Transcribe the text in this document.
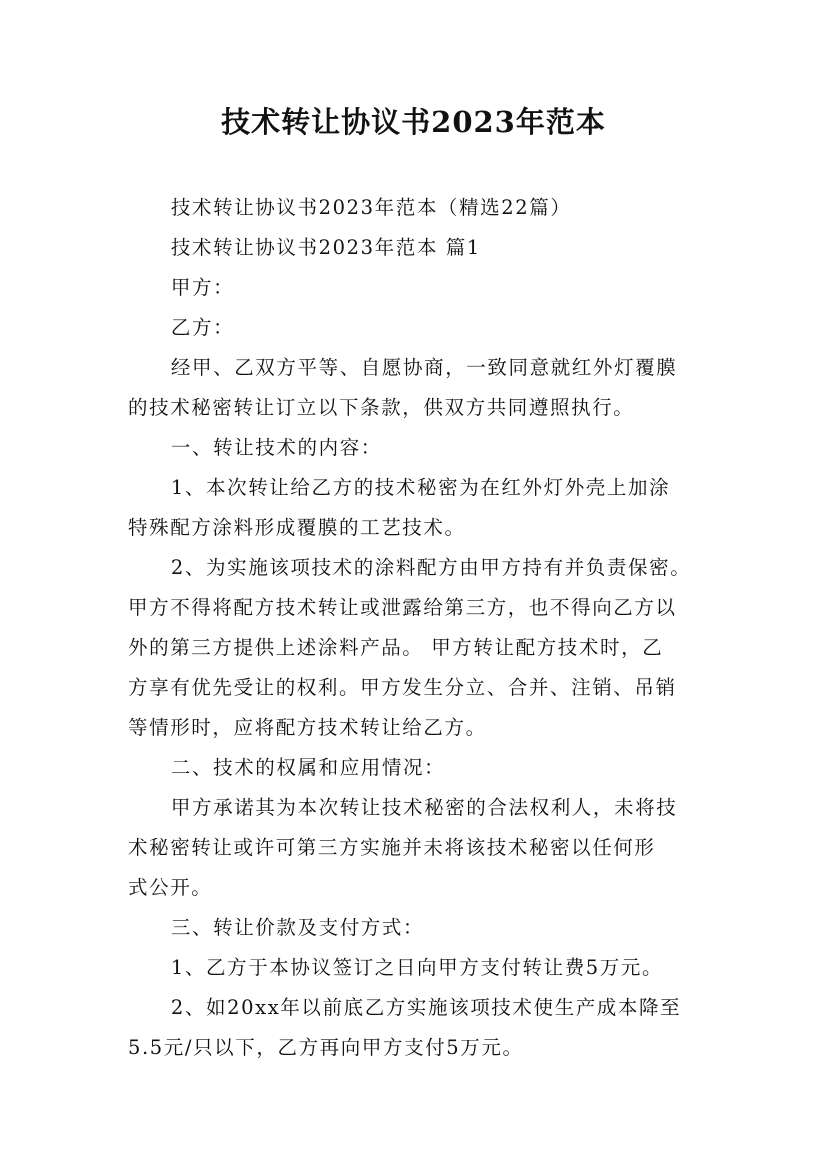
技术转让协议书2023年范本
技术转让协议书2023年范本（精选22篇）
技术转让协议书2023年范本 篇1
甲方：
乙方：
经甲、乙双方平等、自愿协商，一致同意就红外灯覆膜
的技术秘密转让订立以下条款，供双方共同遵照执行。
一、转让技术的内容：
1、本次转让给乙方的技术秘密为在红外灯外壳上加涂
特殊配方涂料形成覆膜的工艺技术。
2、为实施该项技术的涂料配方由甲方持有并负责保密。
甲方不得将配方技术转让或泄露给第三方，也不得向乙方以
外的第三方提供上述涂料产品。 甲方转让配方技术时，乙
方享有优先受让的权利。甲方发生分立、合并、注销、吊销
等情形时，应将配方技术转让给乙方。
二、技术的权属和应用情况：
甲方承诺其为本次转让技术秘密的合法权利人，未将技
术秘密转让或许可第三方实施并未将该技术秘密以任何形
式公开。
三、转让价款及支付方式：
1、乙方于本协议签订之日向甲方支付转让费5万元。
2、如20xx年以前底乙方实施该项技术使生产成本降至
5.5元/只以下，乙方再向甲方支付5万元。
